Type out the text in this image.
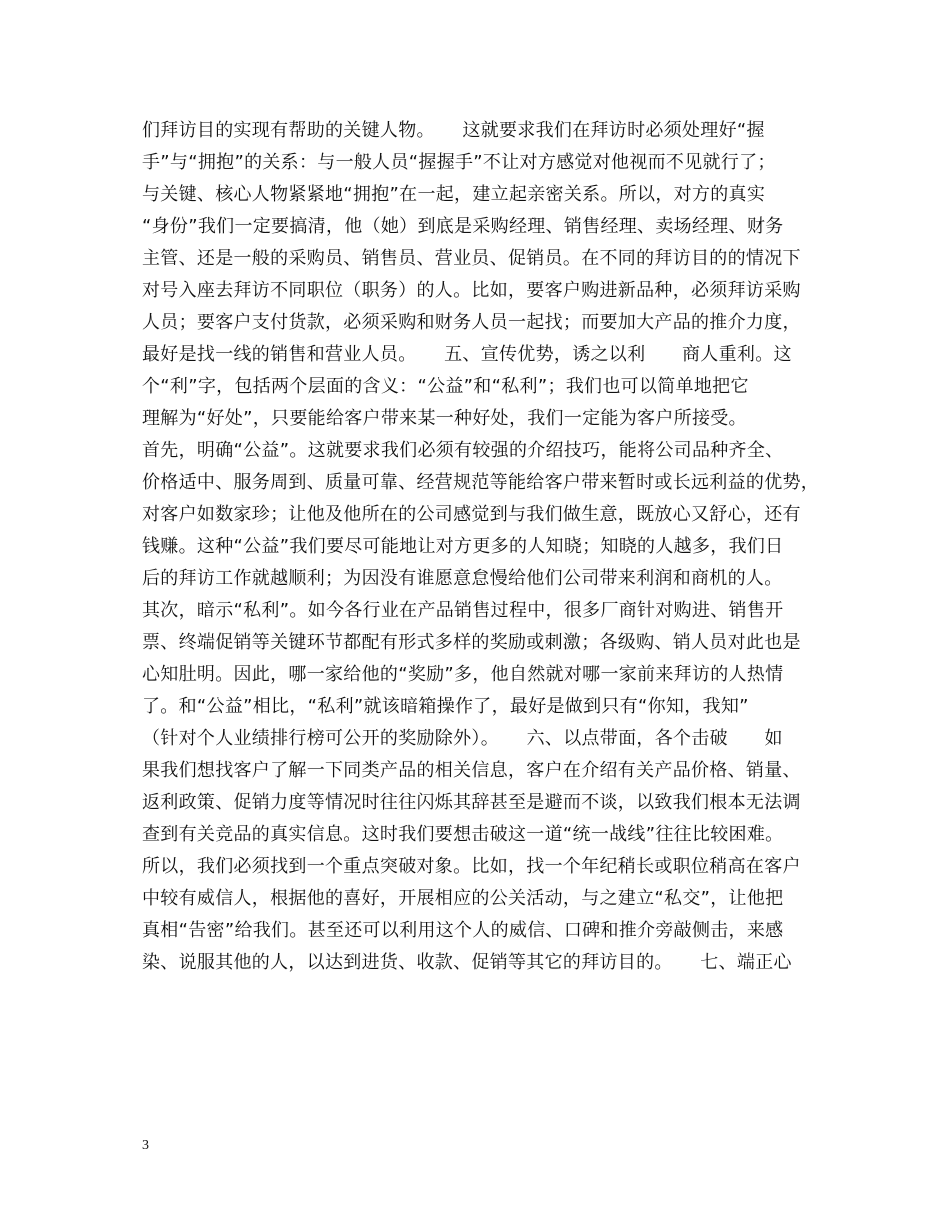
们拜访目的实现有帮助的关键人物。　　这就要求我们在拜访时必须处理好“握
手”与“拥抱”的关系：与一般人员“握握手”不让对方感觉对他视而不见就行了；
与关键、核心人物紧紧地“拥抱”在一起，建立起亲密关系。所以，对方的真实
“身份”我们一定要搞清，他（她）到底是采购经理、销售经理、卖场经理、财务
主管、还是一般的采购员、销售员、营业员、促销员。在不同的拜访目的的情况下
对号入座去拜访不同职位（职务）的人。比如，要客户购进新品种，必须拜访采购
人员；要客户支付货款，必须采购和财务人员一起找；而要加大产品的推介力度，
最好是找一线的销售和营业人员。　　五、宣传优势，诱之以利　　商人重利。这
个“利”字，包括两个层面的含义：“公益”和“私利”；我们也可以简单地把它
理解为“好处”，只要能给客户带来某一种好处，我们一定能为客户所接受。
首先，明确“公益”。这就要求我们必须有较强的介绍技巧，能将公司品种齐全、
价格适中、服务周到、质量可靠、经营规范等能给客户带来暂时或长远利益的优势，
对客户如数家珍；让他及他所在的公司感觉到与我们做生意，既放心又舒心，还有
钱赚。这种“公益”我们要尽可能地让对方更多的人知晓；知晓的人越多，我们日
后的拜访工作就越顺利；为因没有谁愿意怠慢给他们公司带来利润和商机的人。
其次，暗示“私利”。如今各行业在产品销售过程中，很多厂商针对购进、销售开
票、终端促销等关键环节都配有形式多样的奖励或刺激；各级购、销人员对此也是
心知肚明。因此，哪一家给他的“奖励”多，他自然就对哪一家前来拜访的人热情
了。和“公益”相比，“私利”就该暗箱操作了，最好是做到只有“你知，我知”
（针对个人业绩排行榜可公开的奖励除外）。　　六、以点带面，各个击破　　如
果我们想找客户了解一下同类产品的相关信息，客户在介绍有关产品价格、销量、
返利政策、促销力度等情况时往往闪烁其辞甚至是避而不谈，以致我们根本无法调
查到有关竞品的真实信息。这时我们要想击破这一道“统一战线”往往比较困难。
所以，我们必须找到一个重点突破对象。比如，找一个年纪稍长或职位稍高在客户
中较有威信人，根据他的喜好，开展相应的公关活动，与之建立“私交”，让他把
真相“告密”给我们。甚至还可以利用这个人的威信、口碑和推介旁敲侧击，来感
染、说服其他的人，以达到进货、收款、促销等其它的拜访目的。　　七、端正心
3
